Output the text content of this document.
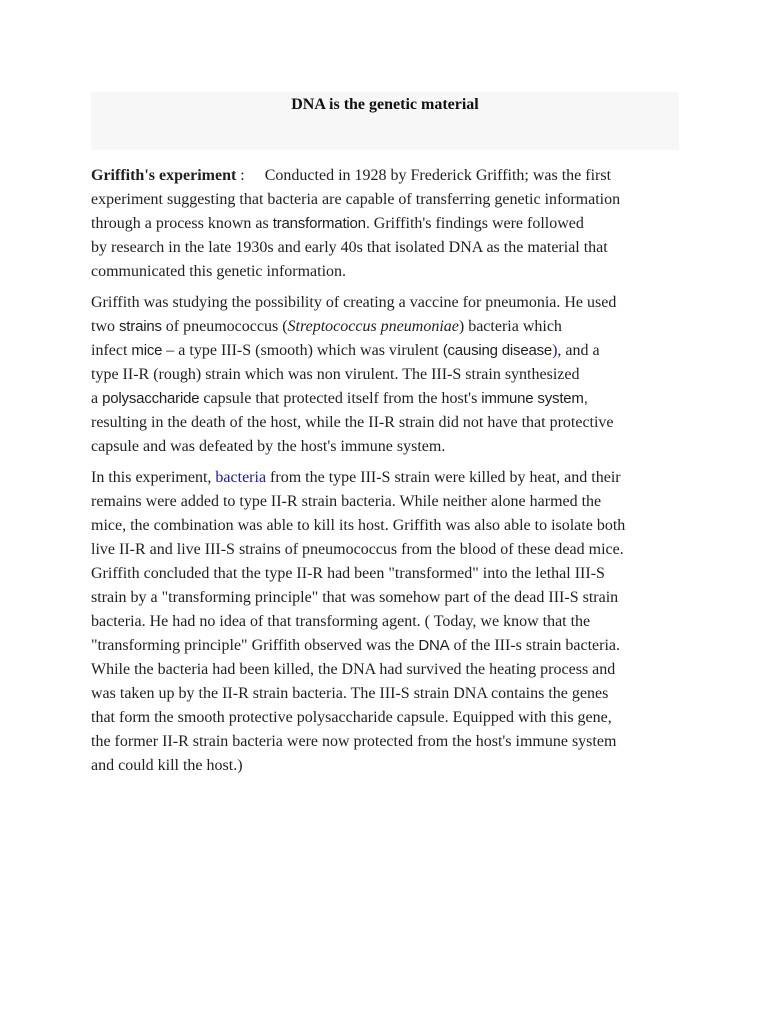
DNA is the genetic material

Griffith's experiment : Conducted in 1928 by Frederick Griffith; was the first
experiment suggesting that bacteria are capable of transferring genetic information
through a process known as transformation. Griffith's findings were followed
by research in the late 1930s and early 40s that isolated DNA as the material that
communicated this genetic information.

Griffith was studying the possibility of creating a vaccine for pneumonia. He used
two strains of pneumococcus (Streptococcus pneumoniae) bacteria which
infect mice – a type III-S (smooth) which was virulent (causing disease), and a
type II-R (rough) strain which was non virulent. The III-S strain synthesized
a polysaccharide capsule that protected itself from the host's immune system,
resulting in the death of the host, while the II-R strain did not have that protective
capsule and was defeated by the host's immune system.

In this experiment, bacteria from the type III-S strain were killed by heat, and their
remains were added to type II-R strain bacteria. While neither alone harmed the
mice, the combination was able to kill its host. Griffith was also able to isolate both
live II-R and live III-S strains of pneumococcus from the blood of these dead mice.
Griffith concluded that the type II-R had been "transformed" into the lethal III-S
strain by a "transforming principle" that was somehow part of the dead III-S strain
bacteria. He had no idea of that transforming agent. ( Today, we know that the
"transforming principle" Griffith observed was the DNA of the III-s strain bacteria.
While the bacteria had been killed, the DNA had survived the heating process and
was taken up by the II-R strain bacteria. The III-S strain DNA contains the genes
that form the smooth protective polysaccharide capsule. Equipped with this gene,
the former II-R strain bacteria were now protected from the host's immune system
and could kill the host.)
